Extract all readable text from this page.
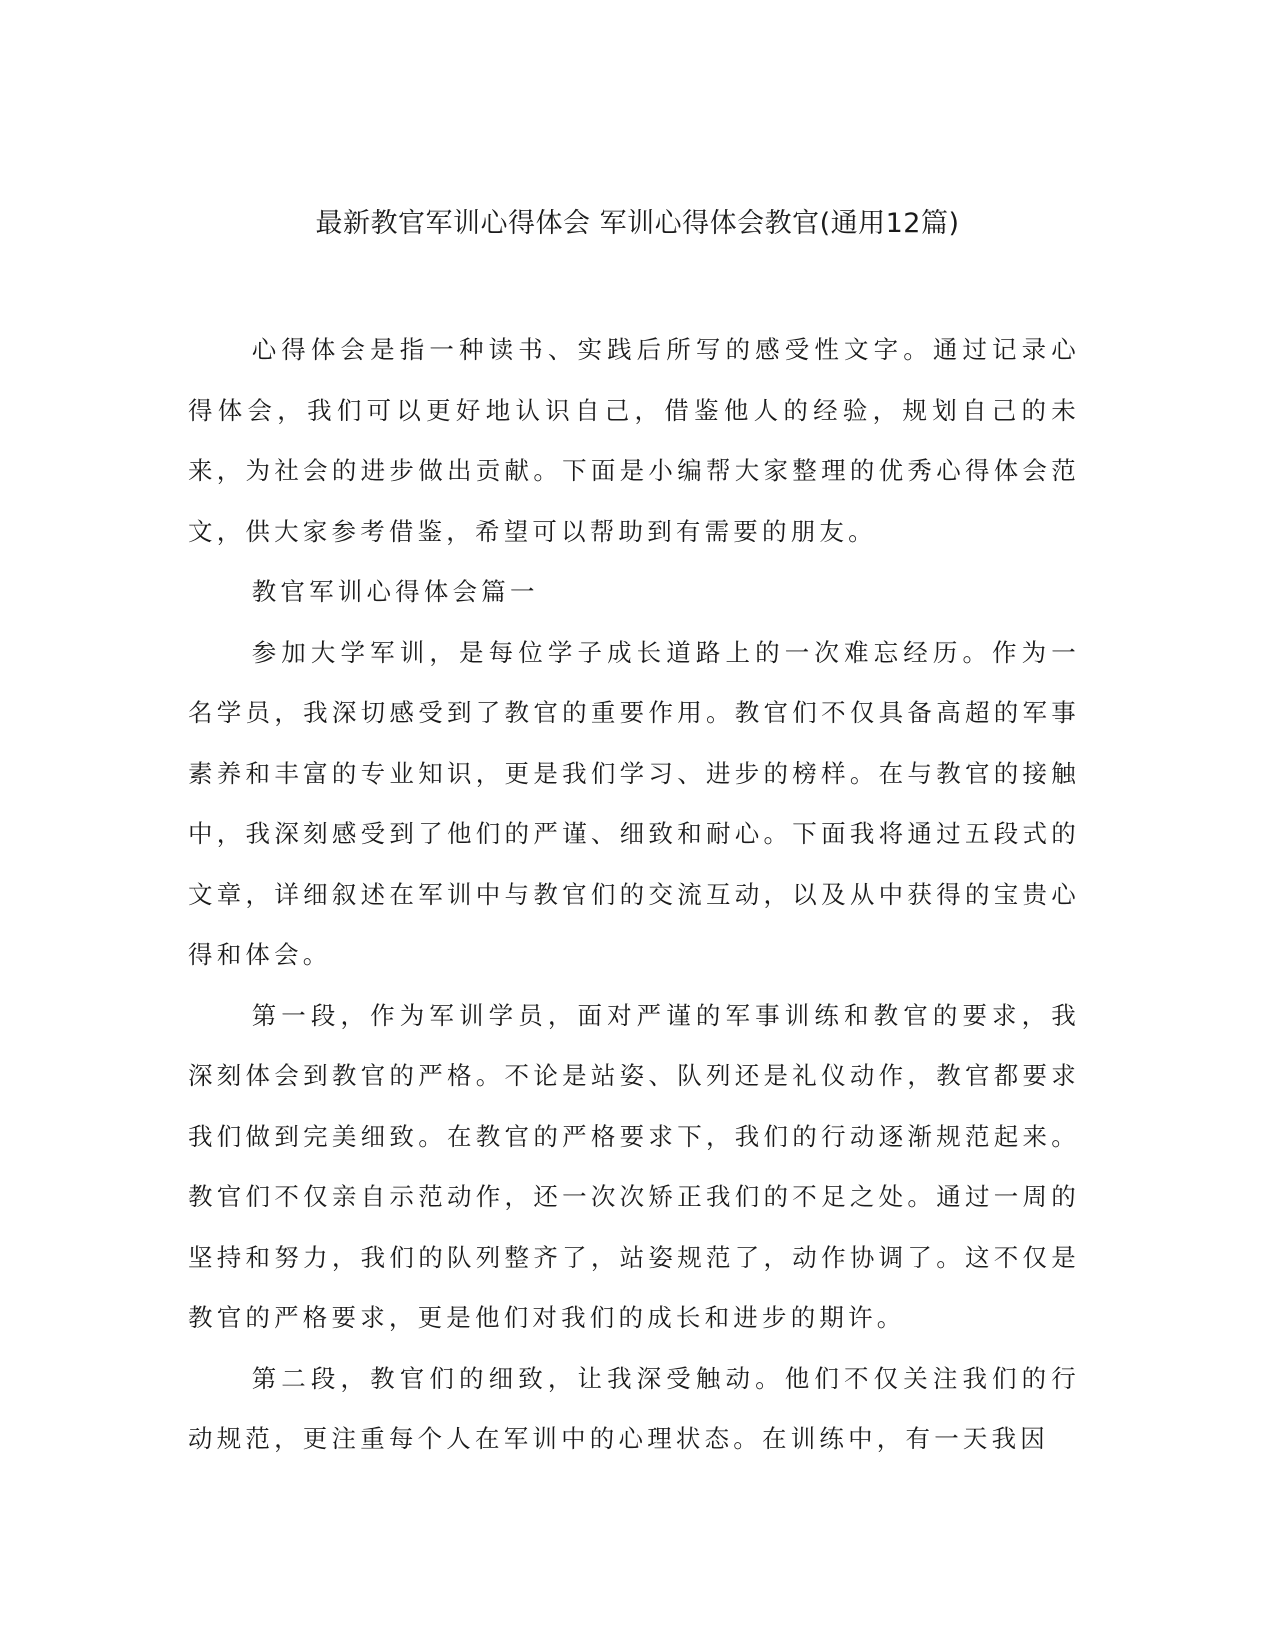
最新教官军训心得体会 军训心得体会教官(通用12篇)

心得体会是指一种读书、实践后所写的感受性文字。通过记录心得体会，我们可以更好地认识自己，借鉴他人的经验，规划自己的未来，为社会的进步做出贡献。下面是小编帮大家整理的优秀心得体会范文，供大家参考借鉴，希望可以帮助到有需要的朋友。

教官军训心得体会篇一

参加大学军训，是每位学子成长道路上的一次难忘经历。作为一名学员，我深切感受到了教官的重要作用。教官们不仅具备高超的军事素养和丰富的专业知识，更是我们学习、进步的榜样。在与教官的接触中，我深刻感受到了他们的严谨、细致和耐心。下面我将通过五段式的文章，详细叙述在军训中与教官们的交流互动，以及从中获得的宝贵心得和体会。

第一段，作为军训学员，面对严谨的军事训练和教官的要求，我深刻体会到教官的严格。不论是站姿、队列还是礼仪动作，教官都要求我们做到完美细致。在教官的严格要求下，我们的行动逐渐规范起来。教官们不仅亲自示范动作，还一次次矫正我们的不足之处。通过一周的坚持和努力，我们的队列整齐了，站姿规范了，动作协调了。这不仅是教官的严格要求，更是他们对我们的成长和进步的期许。

第二段，教官们的细致，让我深受触动。他们不仅关注我们的行动规范，更注重每个人在军训中的心理状态。在训练中，有一天我因
